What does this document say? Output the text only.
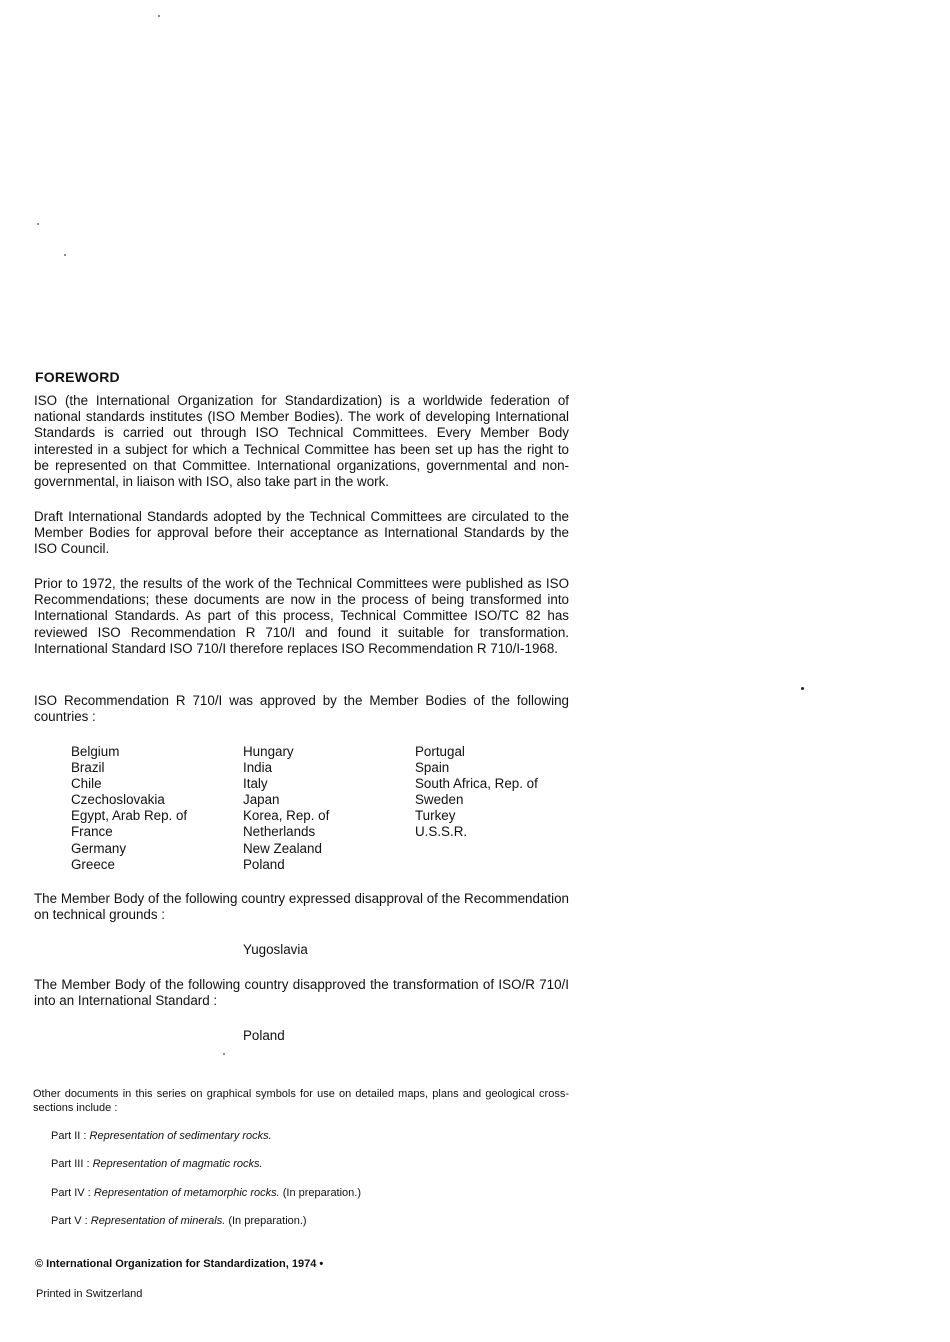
FOREWORD

ISO (the International Organization for Standardization) is a worldwide federation of national standards institutes (ISO Member Bodies). The work of developing International Standards is carried out through ISO Technical Committees. Every Member Body interested in a subject for which a Technical Committee has been set up has the right to be represented on that Committee. International organizations, governmental and non-governmental, in liaison with ISO, also take part in the work.

Draft International Standards adopted by the Technical Committees are circulated to the Member Bodies for approval before their acceptance as International Standards by the ISO Council.

Prior to 1972, the results of the work of the Technical Committees were published as ISO Recommendations; these documents are now in the process of being transformed into International Standards. As part of this process, Technical Committee ISO/TC 82 has reviewed ISO Recommendation R 710/I and found it suitable for transformation. International Standard ISO 710/I therefore replaces ISO Recommendation R 710/I-1968.

ISO Recommendation R 710/I was approved by the Member Bodies of the following countries :

Belgium
Brazil
Chile
Czechoslovakia
Egypt, Arab Rep. of
France
Germany
Greece
Hungary
India
Italy
Japan
Korea, Rep. of
Netherlands
New Zealand
Poland
Portugal
Spain
South Africa, Rep. of
Sweden
Turkey
U.S.S.R.

The Member Body of the following country expressed disapproval of the Recommendation on technical grounds :

Yugoslavia

The Member Body of the following country disapproved the transformation of ISO/R 710/I into an International Standard :

Poland

Other documents in this series on graphical symbols for use on detailed maps, plans and geological cross-sections include :

Part II : Representation of sedimentary rocks.
Part III : Representation of magmatic rocks.
Part IV : Representation of metamorphic rocks. (In preparation.)
Part V : Representation of minerals. (In preparation.)
© International Organization for Standardization, 1974 •
Printed in Switzerland
